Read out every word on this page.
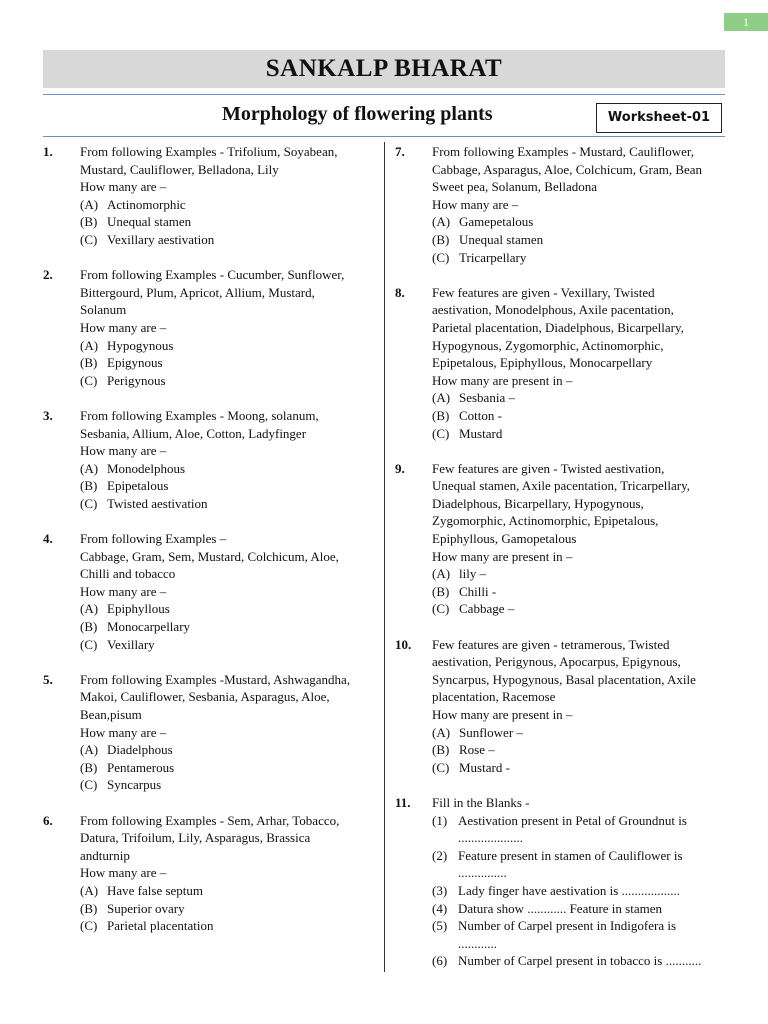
1
SANKALP BHARAT
Morphology of flowering plants	Worksheet-01
1.	From following Examples - Trifolium, Soyabean,
Mustard, Cauliflower, Belladona, Lily
How many are –
(A) Actinomorphic
(B) Unequal stamen
(C) Vexillary aestivation
2.	From following Examples - Cucumber, Sunflower,
Bittergourd, Plum, Apricot, Allium, Mustard,
Solanum
How many are –
(A) Hypogynous
(B) Epigynous
(C) Perigynous
3.	From following Examples - Moong, solanum,
Sesbania, Allium, Aloe, Cotton, Ladyfinger
How many are –
(A) Monodelphous
(B) Epipetalous
(C) Twisted aestivation
4.	From following Examples –
Cabbage, Gram, Sem, Mustard, Colchicum, Aloe,
Chilli and tobacco
How many are –
(A) Epiphyllous
(B) Monocarpellary
(C) Vexillary
5.	From following Examples -Mustard, Ashwagandha,
Makoi, Cauliflower, Sesbania, Asparagus, Aloe,
Bean,pisum
How many are –
(A) Diadelphous
(B) Pentamerous
(C) Syncarpus
6.	From following Examples - Sem, Arhar, Tobacco,
Datura, Trifoilum, Lily, Asparagus, Brassica
andturnip
How many are –
(A) Have false septum
(B) Superior ovary
(C) Parietal placentation
7.	From following Examples - Mustard, Cauliflower,
Cabbage, Asparagus, Aloe, Colchicum, Gram, Bean
Sweet pea, Solanum, Belladona
How many are –
(A) Gamepetalous
(B) Unequal stamen
(C) Tricarpellary
8.	Few features are given - Vexillary, Twisted
aestivation, Monodelphous, Axile pacentation,
Parietal placentation, Diadelphous, Bicarpellary,
Hypogynous, Zygomorphic, Actinomorphic,
Epipetalous, Epiphyllous, Monocarpellary
How many are present in –
(A) Sesbania –
(B) Cotton -
(C) Mustard
9.	Few features are given - Twisted aestivation,
Unequal stamen, Axile pacentation, Tricarpellary,
Diadelphous, Bicarpellary, Hypogynous,
Zygomorphic, Actinomorphic, Epipetalous,
Epiphyllous, Gamopetalous
How many are present in –
(A) lily –
(B) Chilli -
(C) Cabbage –
10.	Few features are given - tetramerous, Twisted
aestivation, Perigynous, Apocarpus, Epigynous,
Syncarpus, Hypogynous, Basal placentation, Axile
placentation, Racemose
How many are present in –
(A) Sunflower –
(B) Rose –
(C) Mustard -
11.	Fill in the Blanks -
(1) Aestivation present in Petal of Groundnut is
....................
(2) Feature present in stamen of Cauliflower is
...............
(3) Lady finger have aestivation is ..................
(4) Datura show ............ Feature in stamen
(5) Number of Carpel present in Indigofera is
............
(6) Number of Carpel present in tobacco is ...........
